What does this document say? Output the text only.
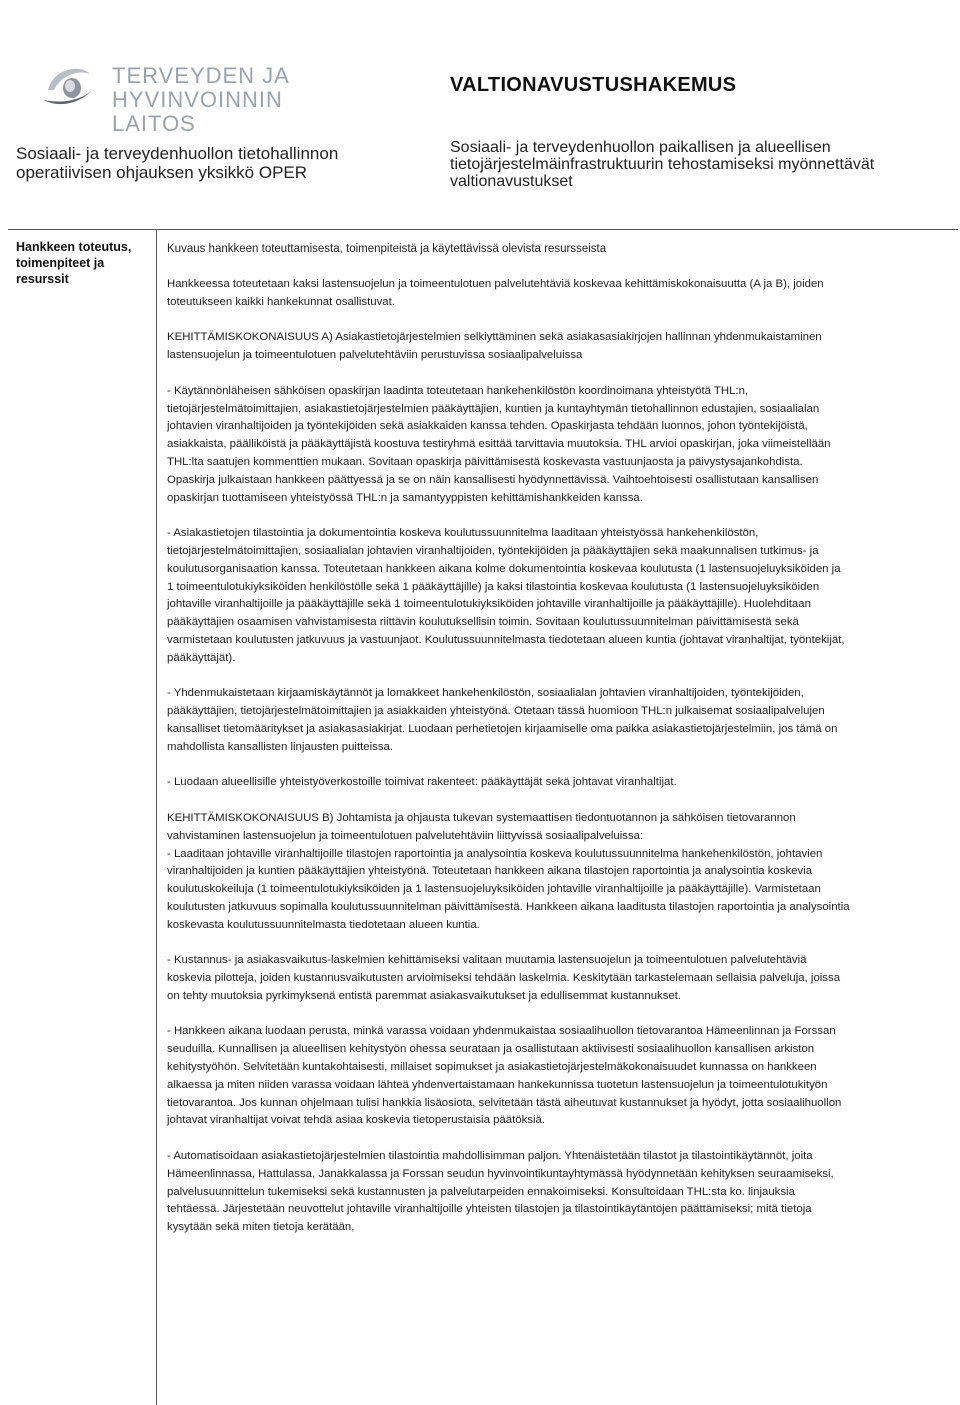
TERVEYDEN JA
HYVINVOINNIN LAITOS
Sosiaali- ja terveydenhuollon tietohallinnon operatiivisen ohjauksen yksikkö OPER
VALTIONAVUSTUSHAKEMUS
Sosiaali- ja terveydenhuollon paikallisen ja alueellisen tietojärjestelmäinfrastruktuurin tehostamiseksi myönnettävät valtionavustukset
Hankkeen toteutus, toimenpiteet ja resurssit
Kuvaus hankkeen toteuttamisesta, toimenpiteistä ja käytettävissä olevista resursseista

Hankkeessa toteutetaan kaksi lastensuojelun ja toimeentulotuen palvelutehtäviä koskevaa kehittämiskokonaisuutta (A ja B), joiden toteutukseen kaikki hankekunnat osallistuvat.

KEHITTÄMISKOKONAISUUS A) Asiakastietojärjestelmien selkiyttäminen sekä asiakasasiakirjojen hallinnan yhdenmukaistaminen lastensuojelun ja toimeentulotuen palvelutehtäviin perustuvissa sosiaalipalveluissa

- Käytännönläheisen sähköisen opaskirjan laadinta toteutetaan hankehenkilöstön koordinoimana yhteistyötä THL:n, tietojärjestelmätoimittajien, asiakastietojärjestelmien pääkäyttäjien, kuntien ja kuntayhtymän tietohallinnon edustajien, sosiaalialan johtavien viranhaltijoiden ja työntekijöiden sekä asiakkaiden kanssa tehden. Opaskirjasta tehdään luonnos, johon työntekijöistä, asiakkaista, päälliköistä ja pääkäyttäjistä koostuva testiryhmä esittää tarvittavia muutoksia. THL arvioi opaskirjan, joka viimeistellään THL:lta saatujen kommenttien mukaan. Sovitaan opaskirja päivittämisestä koskevasta vastuunjaosta ja päivystysajankohdista. Opaskirja julkaistaan hankkeen päättyessä ja se on näin kansallisesti hyödynnettävissä. Vaihtoehtoisesti osallistutaan kansallisen opaskirjan tuottamiseen yhteistyössä THL:n ja samantyyppisten kehittämishankkeiden kanssa.

- Asiakastietojen tilastointia ja dokumentointia koskeva koulutussuunnitelma laaditaan yhteistyössä hankehenkilöstön, tietojärjestelmätoimittajien, sosiaalialan johtavien viranhaltijoiden, työntekijöiden ja pääkäyttäjien sekä maakunnalisen tutkimus- ja koulutusorganisaation kanssa. Toteutetaan hankkeen aikana kolme dokumentointia koskevaa koulutusta (1 lastensuojeluyksiköiden ja 1 toimeentulotukiyksiköiden henkilöstölle sekä 1 pääkäyttäjille) ja kaksi tilastointia koskevaa koulutusta (1 lastensuojeluyksiköiden johtaville viranhaltijoille ja pääkäyttäjille sekä 1 toimeentulotukiyksiköiden johtaville viranhaltijoille ja pääkäyttäjille). Huolehditaan pääkäyttäjien osaamisen vahvistamisesta riittävin koulutuksellisin toimin. Sovitaan koulutussuunnitelman päivittämisestä sekä varmistetaan koulutusten jatkuvuus ja vastuunjaot. Koulutussuunnitelmasta tiedotetaan alueen kuntia (johtavat viranhaltijat, työntekijät, pääkäyttäjät).

- Yhdenmukaistetaan kirjaamiskäytännöt ja lomakkeet hankehenkilöstön, sosiaalialan johtavien viranhaltijoiden, työntekijöiden, pääkäyttäjien, tietojärjestelmätoimittajien ja asiakkaiden yhteistyönä. Otetaan tässä huomioon THL:n julkaisemat sosiaalipalvelujen kansalliset tietomääritykset ja asiakasasiakirjat. Luodaan perhetietojen kirjaamiselle oma paikka asiakastietojärjestelmiin, jos tämä on mahdollista kansallisten linjausten puitteissa.

- Luodaan alueellisille yhteistyöverkostoille toimivat rakenteet: pääkäyttäjät sekä johtavat viranhaltijat.

KEHITTÄMISKOKONAISUUS B) Johtamista ja ohjausta tukevan systemaattisen tiedontuotannon ja sähköisen tietovarannon vahvistaminen lastensuojelun ja toimeentulotuen palvelutehtäviin liittyvissä sosiaalipalveluissa:
- Laaditaan johtaville viranhaltijoille tilastojen raportointia ja analysointia koskeva koulutussuunnitelma hankehenkilöstön, johtavien viranhaltijoiden ja kuntien pääkäyttäjien yhteistyönä. Toteutetaan hankkeen aikana tilastojen raportointia ja analysointia koskevia koulutuskokeiluja (1 toimeentulotukiyksiköiden ja 1 lastensuojeluyksiköiden johtaville viranhaltijoille ja pääkäyttäjille). Varmistetaan koulutusten jatkuvuus sopimalla koulutussuunnitelman päivittämisestä. Hankkeen aikana laaditusta tilastojen raportointia ja analysointia koskevasta koulutussuunnitelmasta tiedotetaan alueen kuntia.

- Kustannus- ja asiakasvaikutus-laskelmien kehittämiseksi valitaan muutamia lastensuojelun ja toimeentulotuen palvelutehtäviä koskevia pilotteja, joiden kustannusvaikutusten arvioimiseksi tehdään laskelmia. Keskitytään tarkastelemaan sellaisia palveluja, joissa on tehty muutoksia pyrkimyksenä entistä paremmat asiakasvaikutukset ja edullisemmat kustannukset.

- Hankkeen aikana luodaan perusta, minkä varassa voidaan yhdenmukaistaa sosiaalihuollon tietovarantoa Hämeenlinnan ja Forssan seuduilla. Kunnallisen ja alueellisen kehitystyön ohessa seurataan ja osallistutaan aktiivisesti sosiaalihuollon kansallisen arkiston kehitystyöhön. Selvitetään kuntakohtaisesti, millaiset sopimukset ja asiakastietojärjestelmäkokonaisuudet kunnassa on hankkeen alkaessa ja miten niiden varassa voidaan lähteä yhdenvertaistamaan hankekunnissa tuotetun lastensuojelun ja toimeentulotukityön tietovarantoa. Jos kunnan ohjelmaan tulisi hankkia lisäosiota, selvitetään tästä aiheutuvat kustannukset ja hyödyt, jotta sosiaalihuollon johtavat viranhaltijat voivat tehdä asiaa koskevia tietoperustaisia päätöksiä.

- Automatisoidaan asiakastietojärjestelmien tilastointia mahdollisimman paljon. Yhtenäistetään tilastot ja tilastointikäytännöt, joita Hämeenlinnassa, Hattulassa, Janakkalassa ja Forssan seudun hyvinvointikuntayhtymässä hyödynnetään kehityksen seuraamiseksi, palvelusuunnittelun tukemiseksi sekä kustannusten ja palvelutarpeiden ennakoimiseksi. Konsultoidaan THL:sta ko. linjauksia tehtäessä. Järjestetään neuvottelut johtaville viranhaltijoille yhteisten tilastojen ja tilastointikäytäntöjen päättämiseksi; mitä tietoja kysytään sekä miten tietoja kerätään,
